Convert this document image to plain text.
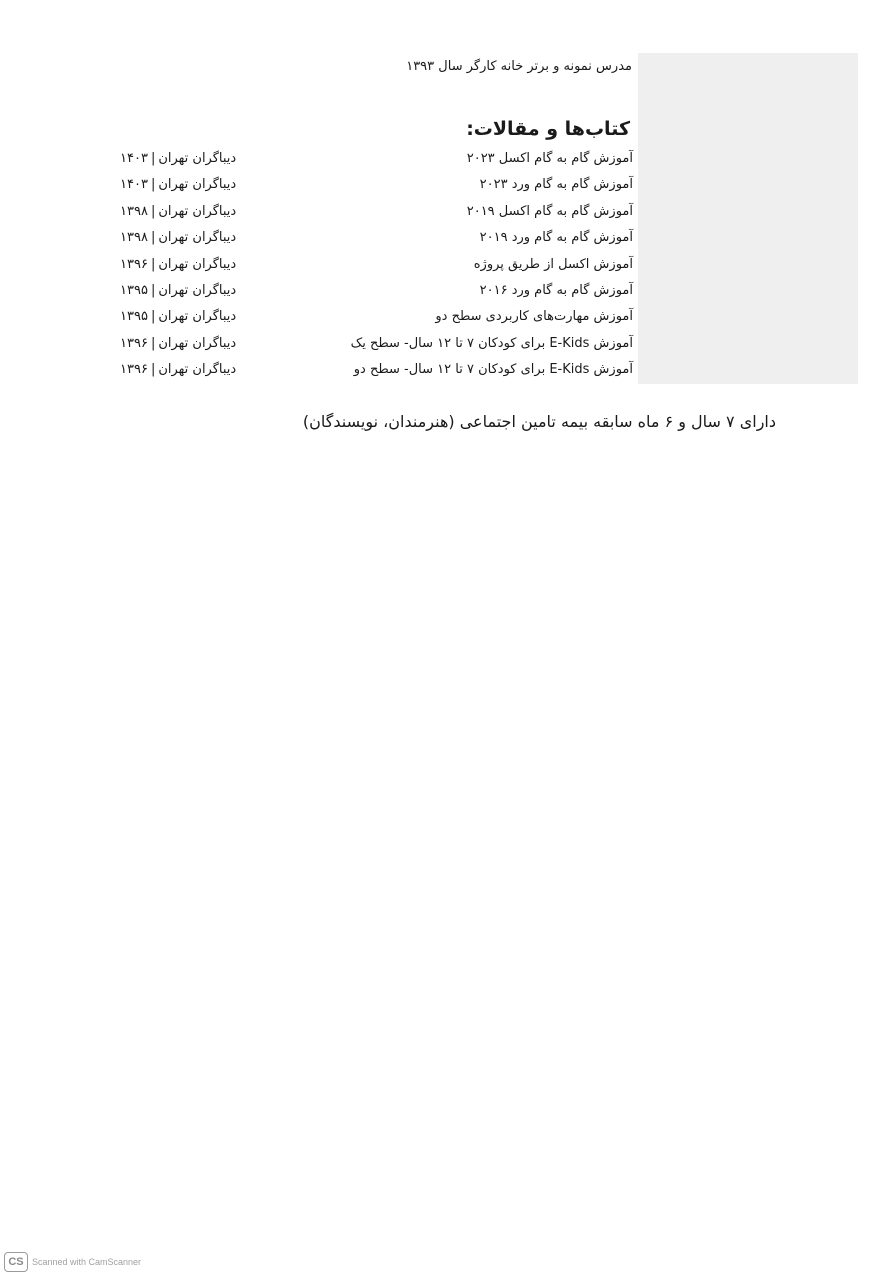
مدرس نمونه و برتر خانه کارگر سال ۱۳۹۳
کتاب‌ها و مقالات:
آموزش گام به گام اکسل ۲۰۲۳
دیباگران تهران|۱۴۰۳
آموزش گام به گام ورد ۲۰۲۳
دیباگران تهران|۱۴۰۳
آموزش گام به گام اکسل ۲۰۱۹
دیباگران تهران|۱۳۹۸
آموزش گام به گام ورد ۲۰۱۹
دیباگران تهران|۱۳۹۸
آموزش اکسل از طریق پروژه
دیباگران تهران|۱۳۹۶
آموزش گام به گام ورد ۲۰۱۶
دیباگران تهران|۱۳۹۵
آموزش مهارت‌های کاربردی سطح دو
دیباگران تهران|۱۳۹۵
آموزش E-Kids برای کودکان ۷ تا ۱۲ سال- سطح یک
دیباگران تهران|۱۳۹۶
آموزش E-Kids برای کودکان ۷ تا ۱۲ سال- سطح دو
دیباگران تهران|۱۳۹۶
دارای ۷ سال و ۶ ماه سابقه بیمه تامین اجتماعی (هنرمندان، نویسندگان)
CS Scanned with CamScanner
